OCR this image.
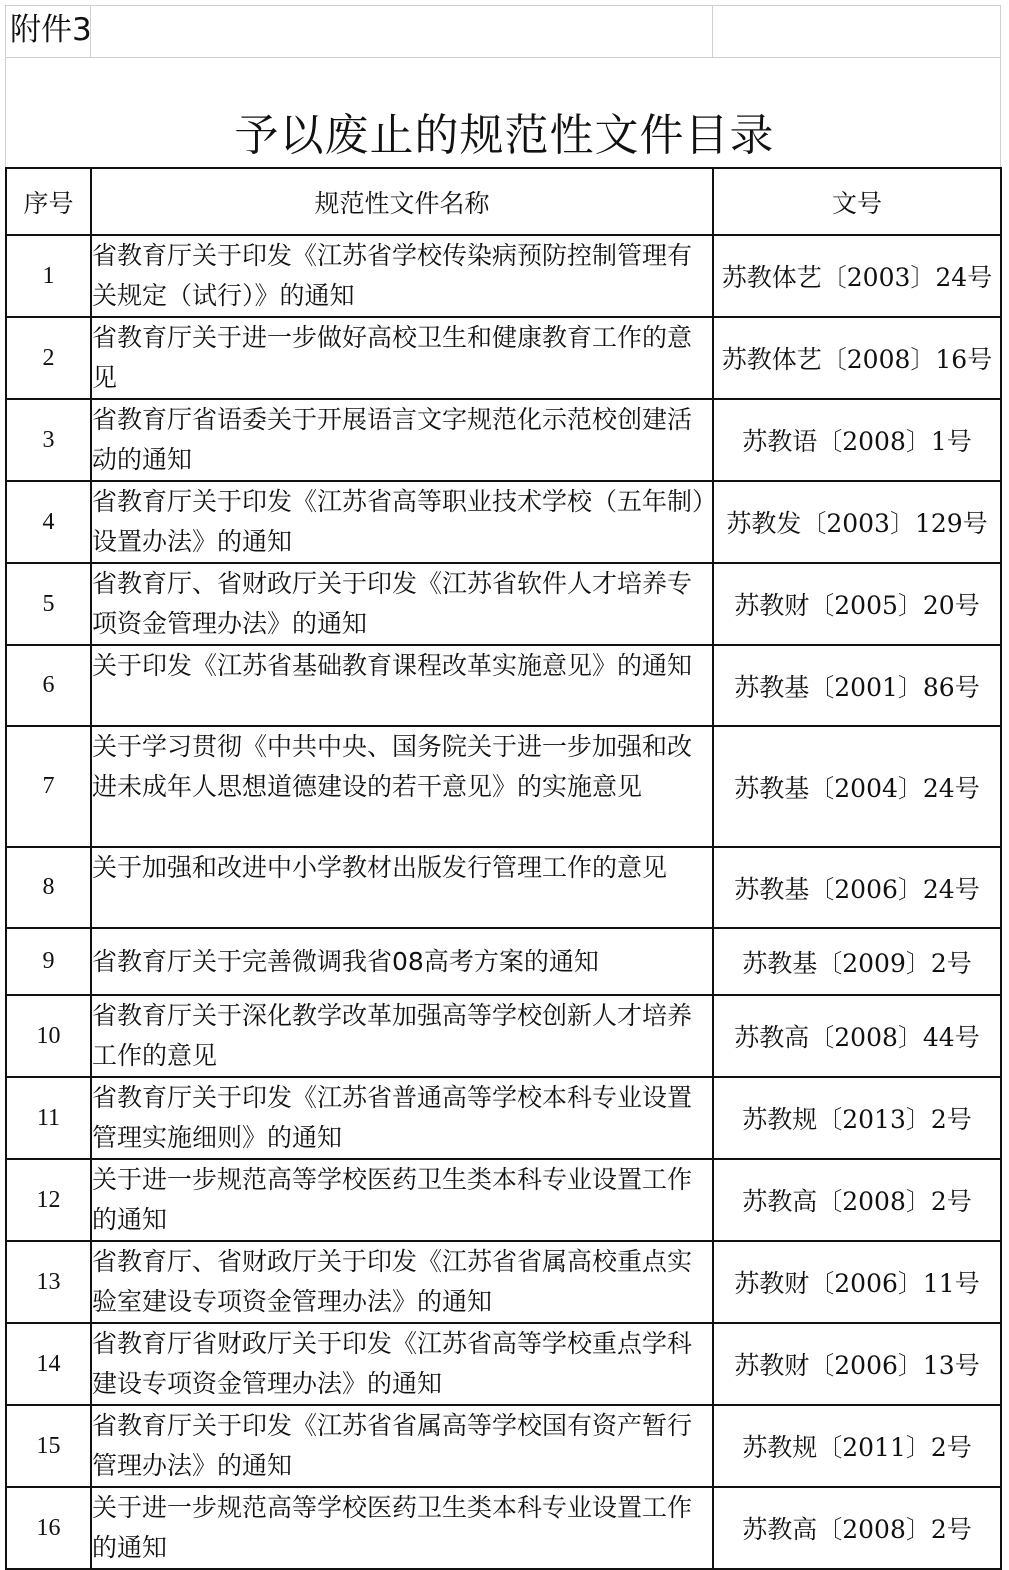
附件3
予以废止的规范性文件目录
序号	规范性文件名称	文号
1	省教育厅关于印发《江苏省学校传染病预防控制管理有关规定（试行）》的通知	苏教体艺〔2003〕24号
2	省教育厅关于进一步做好高校卫生和健康教育工作的意见	苏教体艺〔2008〕16号
3	省教育厅省语委关于开展语言文字规范化示范校创建活动的通知	苏教语〔2008〕1号
4	省教育厅关于印发《江苏省高等职业技术学校（五年制）设置办法》的通知	苏教发〔2003〕129号
5	省教育厅、省财政厅关于印发《江苏省软件人才培养专项资金管理办法》的通知	苏教财〔2005〕20号
6	关于印发《江苏省基础教育课程改革实施意见》的通知	苏教基〔2001〕86号
7	关于学习贯彻《中共中央、国务院关于进一步加强和改进未成年人思想道德建设的若干意见》的实施意见	苏教基〔2004〕24号
8	关于加强和改进中小学教材出版发行管理工作的意见	苏教基〔2006〕24号
9	省教育厅关于完善微调我省08高考方案的通知	苏教基〔2009〕2号
10	省教育厅关于深化教学改革加强高等学校创新人才培养工作的意见	苏教高〔2008〕44号
11	省教育厅关于印发《江苏省普通高等学校本科专业设置管理实施细则》的通知	苏教规〔2013〕2号
12	关于进一步规范高等学校医药卫生类本科专业设置工作的通知	苏教高〔2008〕2号
13	省教育厅、省财政厅关于印发《江苏省省属高校重点实验室建设专项资金管理办法》的通知	苏教财〔2006〕11号
14	省教育厅省财政厅关于印发《江苏省高等学校重点学科建设专项资金管理办法》的通知	苏教财〔2006〕13号
15	省教育厅关于印发《江苏省省属高等学校国有资产暂行管理办法》的通知	苏教规〔2011〕2号
16	关于进一步规范高等学校医药卫生类本科专业设置工作的通知	苏教高〔2008〕2号
